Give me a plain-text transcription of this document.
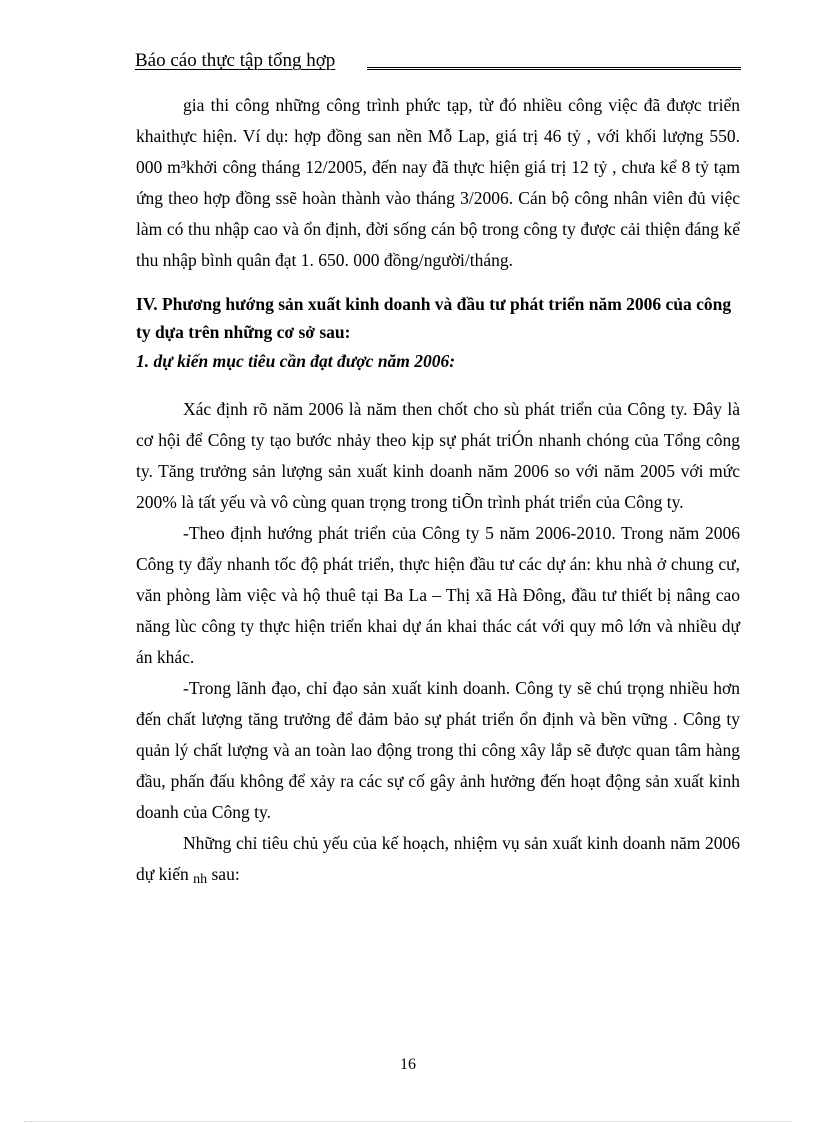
Báo cáo thực tập tổng hợp

gia thi công những công trình phức tạp, từ đó nhiều công việc đã được triển khaithực hiện. Ví dụ: hợp đồng san nền Mỗ Lap, giá trị 46 tỷ , với khối lượng 550. 000 m³khởi công tháng 12/2005, đến nay đã thực hiện giá trị 12 tỷ , chưa kể 8 tỷ tạm ứng theo hợp đồng ssẽ hoàn thành vào tháng 3/2006. Cán bộ công nhân viên đủ việc làm có thu nhập cao và ổn định, đời sống cán bộ trong công ty được cải thiện đáng kể thu nhập bình quân đạt 1. 650. 000 đồng/người/tháng.

IV. Phương hướng sản xuất kinh doanh và đầu tư phát triển năm 2006 của công ty dựa trên những cơ sở sau:

1. dự kiến mục tiêu cần đạt được năm 2006:

Xác định rõ năm 2006 là năm then chốt cho sù phát triển của Công ty. Đây là cơ hội để Công ty tạo bước nhảy theo kịp sự phát triÓn nhanh chóng của Tổng công ty. Tăng trưởng sản lượng sản xuất kinh doanh năm 2006 so với năm 2005 với mức 200% là tất yếu và vô cùng quan trọng trong tiÕn trình phát triển của Công ty.

-Theo định hướng phát triển của Công ty 5 năm 2006-2010. Trong năm 2006 Công ty đẩy nhanh tốc độ phát triển, thực hiện đầu tư các dự án: khu nhà ở chung cư, văn phòng làm việc và hộ thuê tại Ba La – Thị xã Hà Đông, đầu tư thiết bị nâng cao năng lùc công ty thực hiện triển khai dự án khai thác cát với quy mô lớn và nhiều dự án khác.

-Trong lãnh đạo, chỉ đạo sản xuất kinh doanh. Công ty sẽ chú trọng nhiều hơn đến chất lượng tăng trưởng để đảm bảo sự phát triển ổn định và bền vững . Công ty quản lý chất lượng và an toàn lao động trong thi công xây lắp sẽ được quan tâm hàng đầu, phấn đấu không để xảy ra các sự cố gây ảnh hưởng đến hoạt động sản xuất kinh doanh của Công ty.

Những chỉ tiêu chủ yếu của kế hoạch, nhiệm vụ sản xuất kinh doanh năm 2006 dự kiến $_{nh}$ sau:

16
